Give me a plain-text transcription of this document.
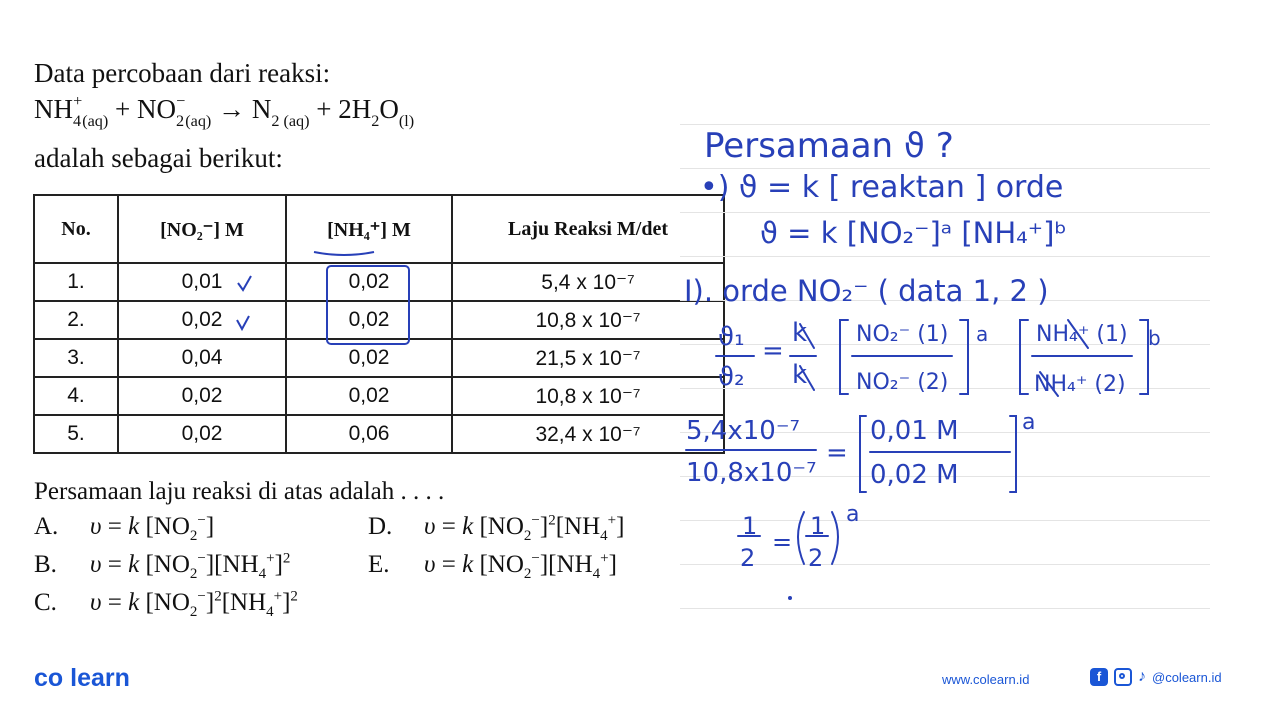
Data percobaan dari reaksi:
$NH_4^+_{(aq)} + NO_2^-_{(aq)} \to N_{2 (aq)} + 2H_2O_{(l)}$
adalah sebagai berikut:
No.	[NO₂⁻] M	[NH₄⁺] M	Laju Reaksi M/det
1.	0,01	0,02	5,4 x 10⁻⁷
2.	0,02	0,02	10,8 x 10⁻⁷
3.	0,04	0,02	21,5 x 10⁻⁷
4.	0,02	0,02	10,8 x 10⁻⁷
5.	0,02	0,06	32,4 x 10⁻⁷
Persamaan laju reaksi di atas adalah . . . .
A. υ = k $[NO_2^-]$
B. υ = k $[NO_2^-][NH_4^+]^2$
C. υ = k $[NO_2^-]^2[NH_4^+]^2$
D. υ = k $[NO_2^-]^2[NH_4^+]$
E. υ = k $[NO_2^-][NH_4^+]$
Persamaan ϑ ?
•) ϑ = k [ reaktan ] orde
ϑ = k [NO₂⁻]ᵃ [NH₄⁺]ᵇ
I). orde NO₂⁻ ( data 1, 2 )
ϑ₁
ϑ₂
=
k
k
NO₂⁻ (1)
NO₂⁻ (2)
a NH₄⁺ (1)
NH₄⁺ (2)
b
5,4x10⁻⁷
10,8x10⁻⁷
=
0,01 M
0,02 M
a
1
2
=
1
2
a
co learn	www.colearn.id	f	♪ @colearn.id
